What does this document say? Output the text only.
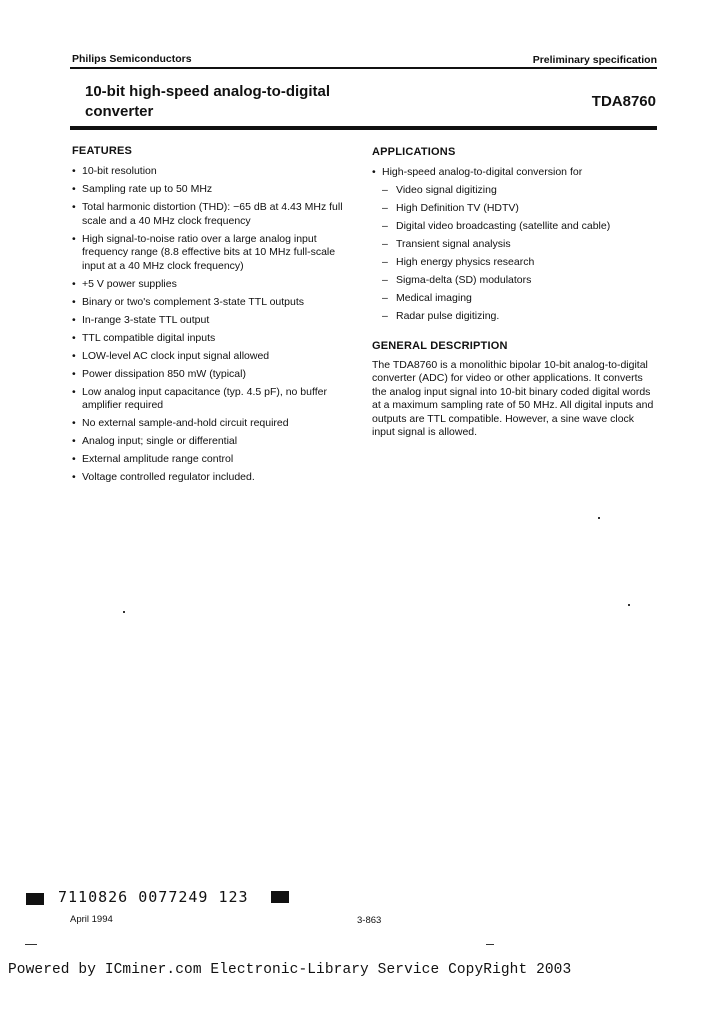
Philips Semiconductors	Preliminary specification
10-bit high-speed analog-to-digital
converter
TDA8760
FEATURES
• 10-bit resolution
• Sampling rate up to 50 MHz
• Total harmonic distortion (THD): −65 dB at 4.43 MHz full scale and a 40 MHz clock frequency
• High signal-to-noise ratio over a large analog input frequency range (8.8 effective bits at 10 MHz full-scale input at a 40 MHz clock frequency)
• +5 V power supplies
• Binary or two's complement 3-state TTL outputs
• In-range 3-state TTL output
• TTL compatible digital inputs
• LOW-level AC clock input signal allowed
• Power dissipation 850 mW (typical)
• Low analog input capacitance (typ. 4.5 pF), no buffer amplifier required
• No external sample-and-hold circuit required
• Analog input; single or differential
• External amplitude range control
• Voltage controlled regulator included.
APPLICATIONS
• High-speed analog-to-digital conversion for
– Video signal digitizing
– High Definition TV (HDTV)
– Digital video broadcasting (satellite and cable)
– Transient signal analysis
– High energy physics research
– Sigma-delta (SD) modulators
– Medical imaging
– Radar pulse digitizing.
GENERAL DESCRIPTION

The TDA8760 is a monolithic bipolar 10-bit analog-to-digital converter (ADC) for video or other applications. It converts the analog input signal into 10-bit binary coded digital words at a maximum sampling rate of 50 MHz. All digital inputs and outputs are TTL compatible. However, a sine wave clock input signal is allowed.

7110826 0077249 123
April 1994	3-863
Powered by ICminer.com Electronic-Library Service CopyRight 2003
